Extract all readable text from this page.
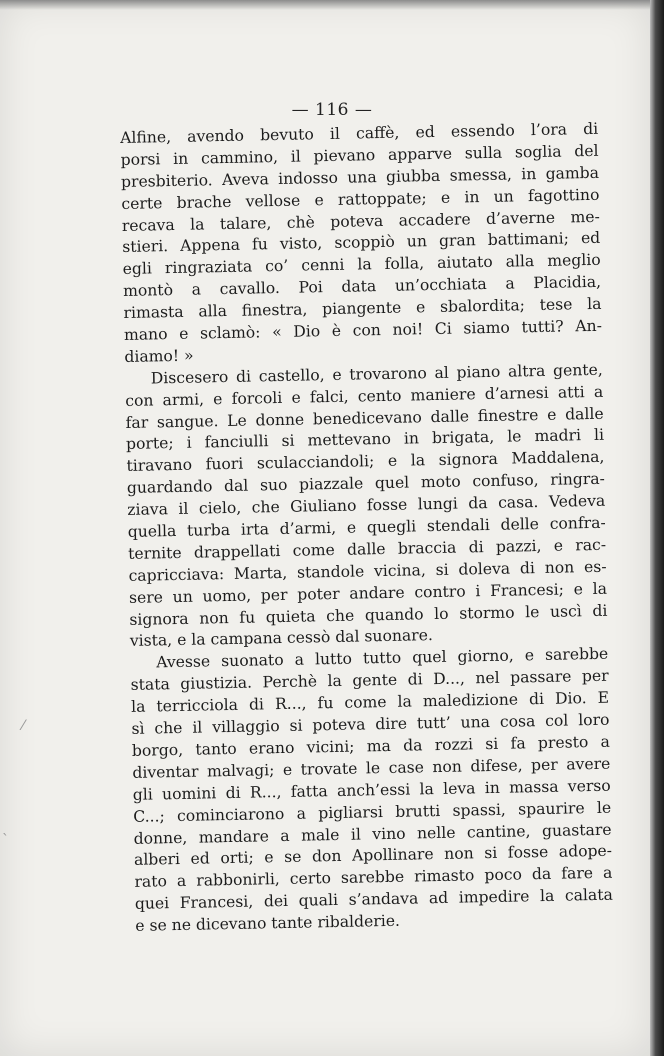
— 116 —
Alfine, avendo bevuto il caffè, ed essendo l’ora di
porsi in cammino, il pievano apparve sulla soglia del
presbiterio. Aveva indosso una giubba smessa, in gamba
certe brache vellose e rattoppate; e in un fagottino
recava la talare, chè poteva accadere d’averne me-
stieri. Appena fu visto, scoppiò un gran battimani; ed
egli ringraziata co’ cenni la folla, aiutato alla meglio
montò a cavallo. Poi data un’occhiata a Placidia,
rimasta alla finestra, piangente e sbalordita; tese la
mano e sclamò: « Dio è con noi! Ci siamo tutti? An-
diamo! »
Discesero di castello, e trovarono al piano altra gente,
con armi, e forcoli e falci, cento maniere d’arnesi atti a
far sangue. Le donne benedicevano dalle finestre e dalle
porte; i fanciulli si mettevano in brigata, le madri li
tiravano fuori sculacciandoli; e la signora Maddalena,
guardando dal suo piazzale quel moto confuso, ringra-
ziava il cielo, che Giuliano fosse lungi da casa. Vedeva
quella turba irta d’armi, e quegli stendali delle confra-
ternite drappellati come dalle braccia di pazzi, e rac-
capricciava: Marta, standole vicina, si doleva di non es-
sere un uomo, per poter andare contro i Francesi; e la
signora non fu quieta che quando lo stormo le uscì di
vista, e la campana cessò dal suonare.
Avesse suonato a lutto tutto quel giorno, e sarebbe
stata giustizia. Perchè la gente di D..., nel passare per
la terricciola di R..., fu come la maledizione di Dio. E
sì che il villaggio si poteva dire tutt’ una cosa col loro
borgo, tanto erano vicini; ma da rozzi si fa presto a
diventar malvagi; e trovate le case non difese, per avere
gli uomini di R..., fatta anch’essi la leva in massa verso
C...; cominciarono a pigliarsi brutti spassi, spaurire le
donne, mandare a male il vino nelle cantine, guastare
alberi ed orti; e se don Apollinare non si fosse adope-
rato a rabbonirli, certo sarebbe rimasto poco da fare a
quei Francesi, dei quali s’andava ad impedire la calata
e se ne dicevano tante ribalderie.
⁄
ˎ
